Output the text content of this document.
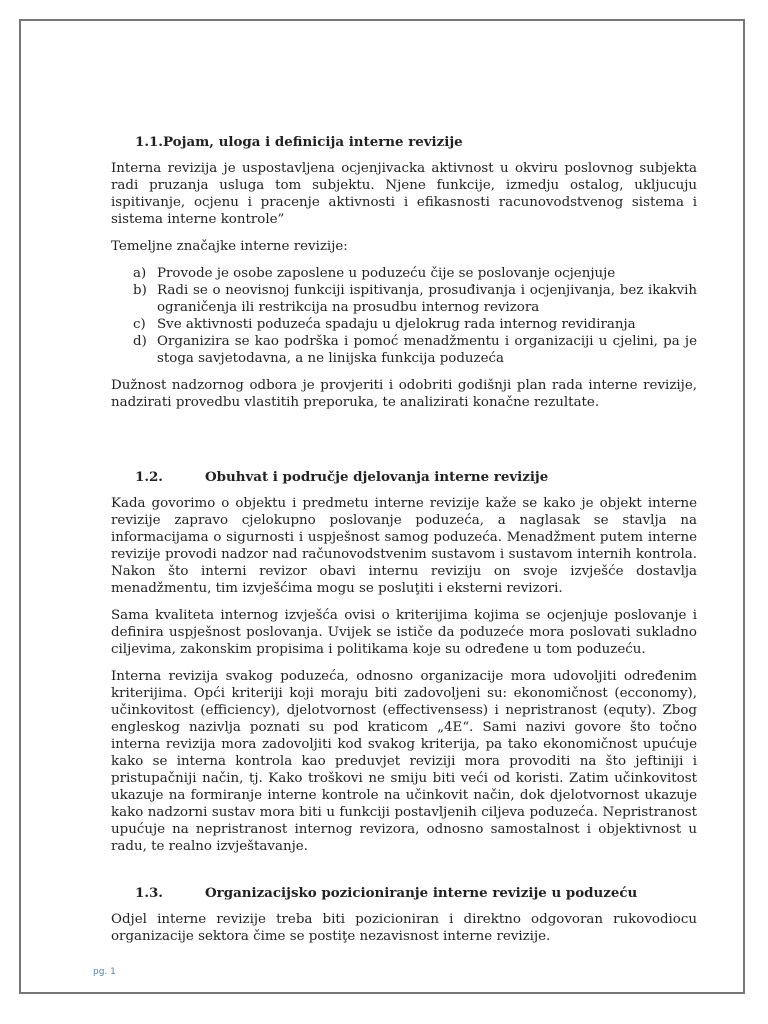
1.1.Pojam, uloga i definicija interne revizije

Interna revizija je uspostavljena ocjenjivacka aktivnost u okviru poslovnog subjekta radi pruzanja usluga tom subjektu. Njene funkcije, izmedju ostalog, ukljucuju ispitivanje, ocjenu i pracenje aktivnosti i efikasnosti racunovodstvenog sistema i sistema interne kontrole”

Temeljne značajke interne revizije:

a) Provode je osobe zaposlene u poduzeću čije se poslovanje ocjenjuje
b) Radi se o neovisnoj funkciji ispitivanja, prosuđivanja i ocjenjivanja, bez ikakvih ograničenja ili restrikcija na prosudbu internog revizora
c) Sve aktivnosti poduzeća spadaju u djelokrug rada internog revidiranja
d) Organizira se kao podrška i pomoć menadžmentu i organizaciji u cjelini, pa je stoga savjetodavna, a ne linijska funkcija poduzeća

Dužnost nadzornog odbora je provjeriti i odobriti godišnji plan rada interne revizije, nadzirati provedbu vlastitih preporuka, te analizirati konačne rezultate.

1.2.	Obuhvat i područje djelovanja interne revizije

Kada govorimo o objektu i predmetu interne revizije kaže se kako je objekt interne revizije zapravo cjelokupno poslovanje poduzeća, a naglasak se stavlja na informacijama o sigurnosti i uspješnost samog poduzeća. Menadžment putem interne revizije provodi nadzor nad računovodstvenim sustavom i sustavom internih kontrola. Nakon što interni revizor obavi internu reviziju on svoje izvješće dostavlja menadžmentu, tim izvješćima mogu se posluţiti i eksterni revizori.

Sama kvaliteta internog izvješća ovisi o kriterijima kojima se ocjenjuje poslovanje i definira uspješnost poslovanja. Uvijek se ističe da poduzeće mora poslovati sukladno ciljevima, zakonskim propisima i politikama koje su određene u tom poduzeću.

Interna revizija svakog poduzeća, odnosno organizacije mora udovoljiti određenim kriterijima. Opći kriteriji koji moraju biti zadovoljeni su: ekonomičnost (ecconomy), učinkovitost (efficiency), djelotvornost (effectivensess) i nepristranost (equty). Zbog engleskog nazivlja poznati su pod kraticom „4E“. Sami nazivi govore što točno interna revizija mora zadovoljiti kod svakog kriterija, pa tako ekonomičnost upućuje kako se interna kontrola kao preduvjet reviziji mora provoditi na što jeftiniji i pristupačniji način, tj. Kako troškovi ne smiju biti veći od koristi. Zatim učinkovitost ukazuje na formiranje interne kontrole na učinkovit način, dok djelotvornost ukazuje kako nadzorni sustav mora biti u funkciji postavljenih ciljeva poduzeća. Nepristranost upućuje na nepristranost internog revizora, odnosno samostalnost i objektivnost u radu, te realno izvještavanje.

1.3.	Organizacijsko pozicioniranje interne revizije u poduzeću

Odjel interne revizije treba biti pozicioniran i direktno odgovoran rukovodiocu organizacije sektora čime se postiţe nezavisnost interne revizije.

pg. 1
